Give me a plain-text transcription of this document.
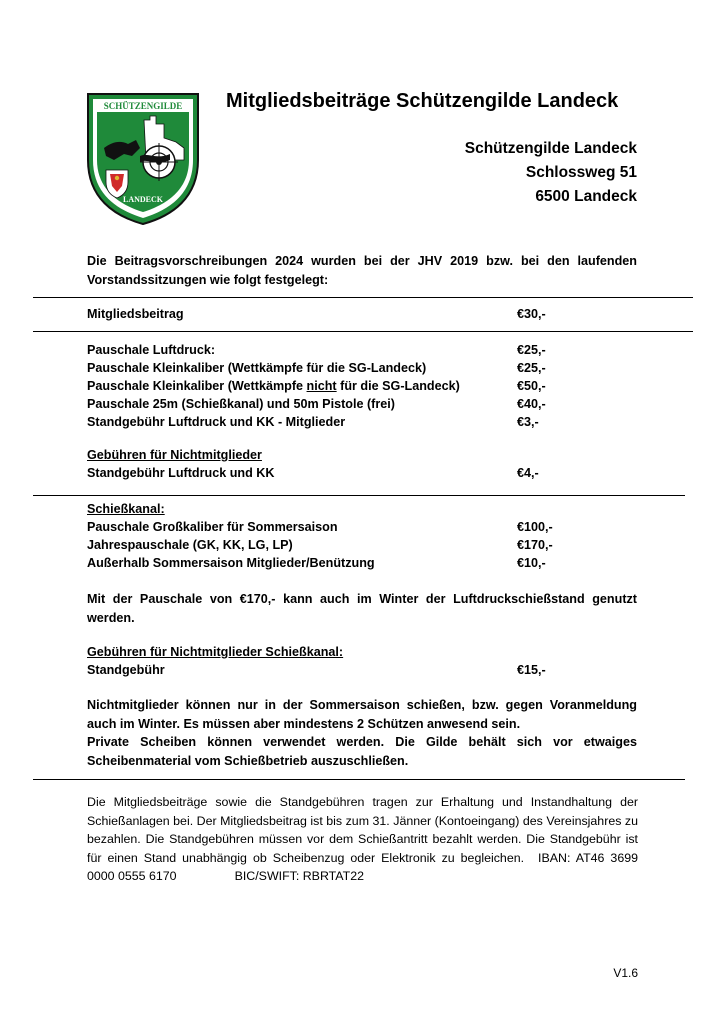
SCHÜTZENGILDE
LANDECK
Mitgliedsbeiträge Schützengilde Landeck
Schützengilde Landeck
Schlossweg 51
6500 Landeck
Die Beitragsvorschreibungen 2024 wurden bei der JHV 2019 bzw. bei den laufenden Vorstandssitzungen wie folgt festgelegt:
Mitgliedsbeitrag	€30,-
Pauschale Luftdruck:	€25,-
Pauschale Kleinkaliber (Wettkämpfe für die SG-Landeck)	€25,-
Pauschale Kleinkaliber (Wettkämpfe nicht für die SG-Landeck)	€50,-
Pauschale 25m (Schießkanal) und 50m Pistole (frei)	€40,-
Standgebühr Luftdruck und KK - Mitglieder	€3,-
Gebühren für Nichtmitglieder
Standgebühr Luftdruck und KK	€4,-
Schießkanal:
Pauschale Großkaliber für Sommersaison	€100,-
Jahrespauschale (GK, KK, LG, LP)	€170,-
Außerhalb Sommersaison Mitglieder/Benützung	€10,-
Mit der Pauschale von €170,- kann auch im Winter der Luftdruckschießstand genutzt werden.
Gebühren für Nichtmitglieder Schießkanal:
Standgebühr	€15,-
Nichtmitglieder können nur in der Sommersaison schießen, bzw. gegen Voranmeldung auch im Winter. Es müssen aber mindestens 2 Schützen anwesend sein.
Private Scheiben können verwendet werden. Die Gilde behält sich vor etwaiges Scheibenmaterial vom Schießbetrieb auszuschließen.
Die Mitgliedsbeiträge sowie die Standgebühren tragen zur Erhaltung und Instandhaltung der Schießanlagen bei. Der Mitgliedsbeitrag ist bis zum 31. Jänner (Kontoeingang) des Vereinsjahres zu bezahlen. Die Standgebühren müssen vor dem Schießantritt bezahlt werden. Die Standgebühr ist für einen Stand unabhängig ob Scheibenzug oder Elektronik zu begleichen. IBAN: AT46 3699 0000 0555 6170	BIC/SWIFT: RBRTAT22
V1.6
